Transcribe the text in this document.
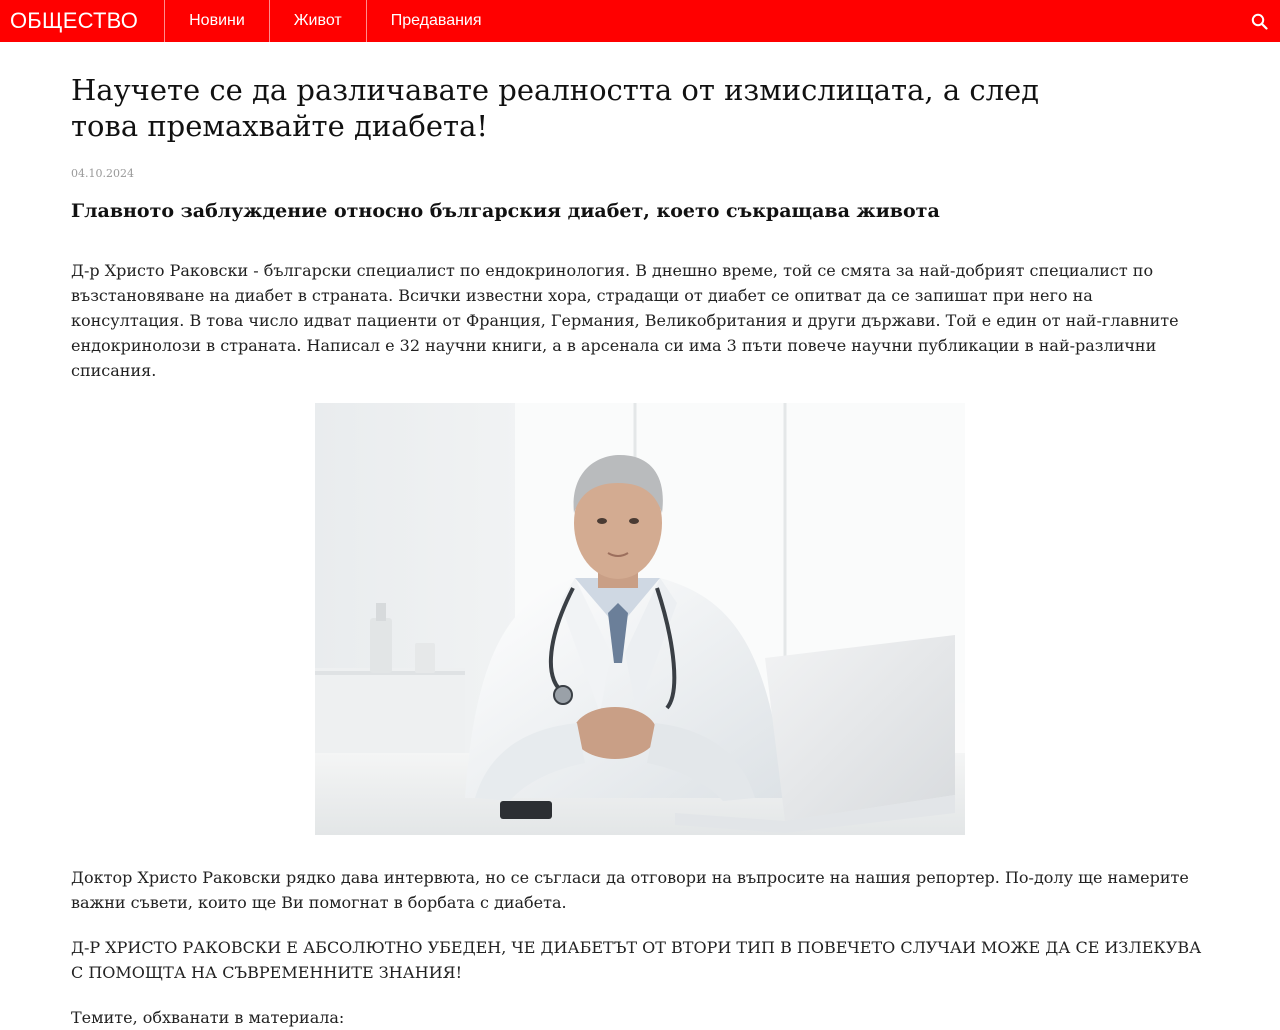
ОБЩЕСТВО	Новини	Живот	Предавания
Научете се да различавате реалността от измислицата, а след това премахвайте диабета!
04.10.2024
Главното заблуждение относно българския диабет, което съкращава живота

Д-р Христо Раковски - български специалист по ендокринология. В днешно време, той се смята за най-добрият специалист по възстановяване на диабет в страната. Всички известни хора, страдащи от диабет се опитват да се запишат при него на консултация. В това число идват пациенти от Франция, Германия, Великобритания и други държави. Той е един от най-главните ендокринолози в страната. Написал е 32 научни книги, а в арсенала си има 3 пъти повече научни публикации в най-различни списания.

Доктор Христо Раковски рядко дава интервюта, но се съгласи да отговори на въпросите на нашия репортер. По-долу ще намерите важни съвети, които ще Ви помогнат в борбата с диабета.

Д-Р ХРИСТО РАКОВСКИ Е АБСОЛЮТНО УБЕДЕН, ЧЕ ДИАБЕТЪТ ОТ ВТОРИ ТИП В ПОВЕЧЕТО СЛУЧАИ МОЖЕ ДА СЕ ИЗЛЕКУВА С ПОМОЩТА НА СЪВРЕМЕННИТЕ ЗНАНИЯ!

Темите, обхванати в материала:
